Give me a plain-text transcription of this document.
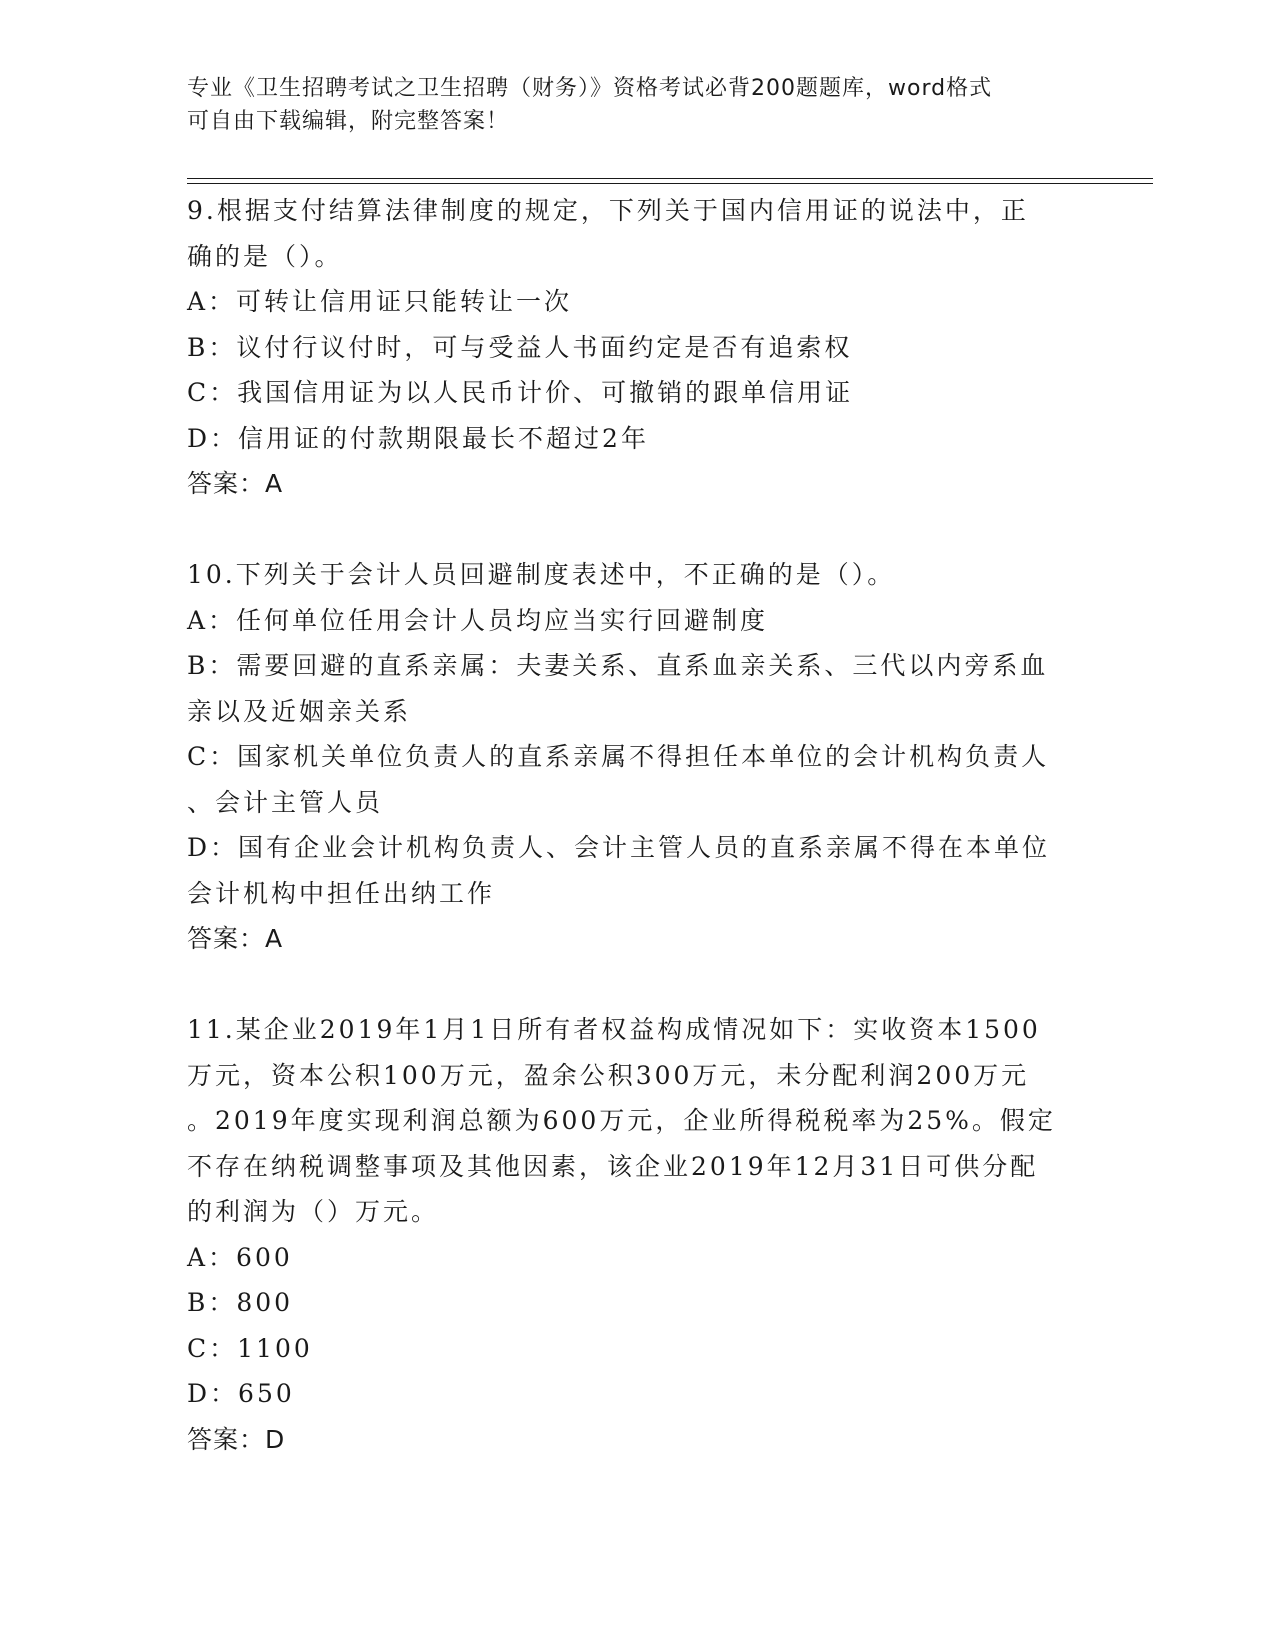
专业《卫生招聘考试之卫生招聘（财务）》资格考试必背200题题库，word格式
可自由下载编辑，附完整答案！
9.根据支付结算法律制度的规定，下列关于国内信用证的说法中，正
确的是（）。
A：可转让信用证只能转让一次
B：议付行议付时，可与受益人书面约定是否有追索权
C：我国信用证为以人民币计价、可撤销的跟单信用证
D：信用证的付款期限最长不超过2年
答案：A
10.下列关于会计人员回避制度表述中，不正确的是（）。
A：任何单位任用会计人员均应当实行回避制度
B：需要回避的直系亲属：夫妻关系、直系血亲关系、三代以内旁系血
亲以及近姻亲关系
C：国家机关单位负责人的直系亲属不得担任本单位的会计机构负责人
、会计主管人员
D：国有企业会计机构负责人、会计主管人员的直系亲属不得在本单位
会计机构中担任出纳工作
答案：A
11.某企业2019年1月1日所有者权益构成情况如下：实收资本1500
万元，资本公积100万元，盈余公积300万元，未分配利润200万元
。2019年度实现利润总额为600万元，企业所得税税率为25%。假定
不存在纳税调整事项及其他因素，该企业2019年12月31日可供分配
的利润为（）万元。
A：600
B：800
C：1100
D：650
答案：D
